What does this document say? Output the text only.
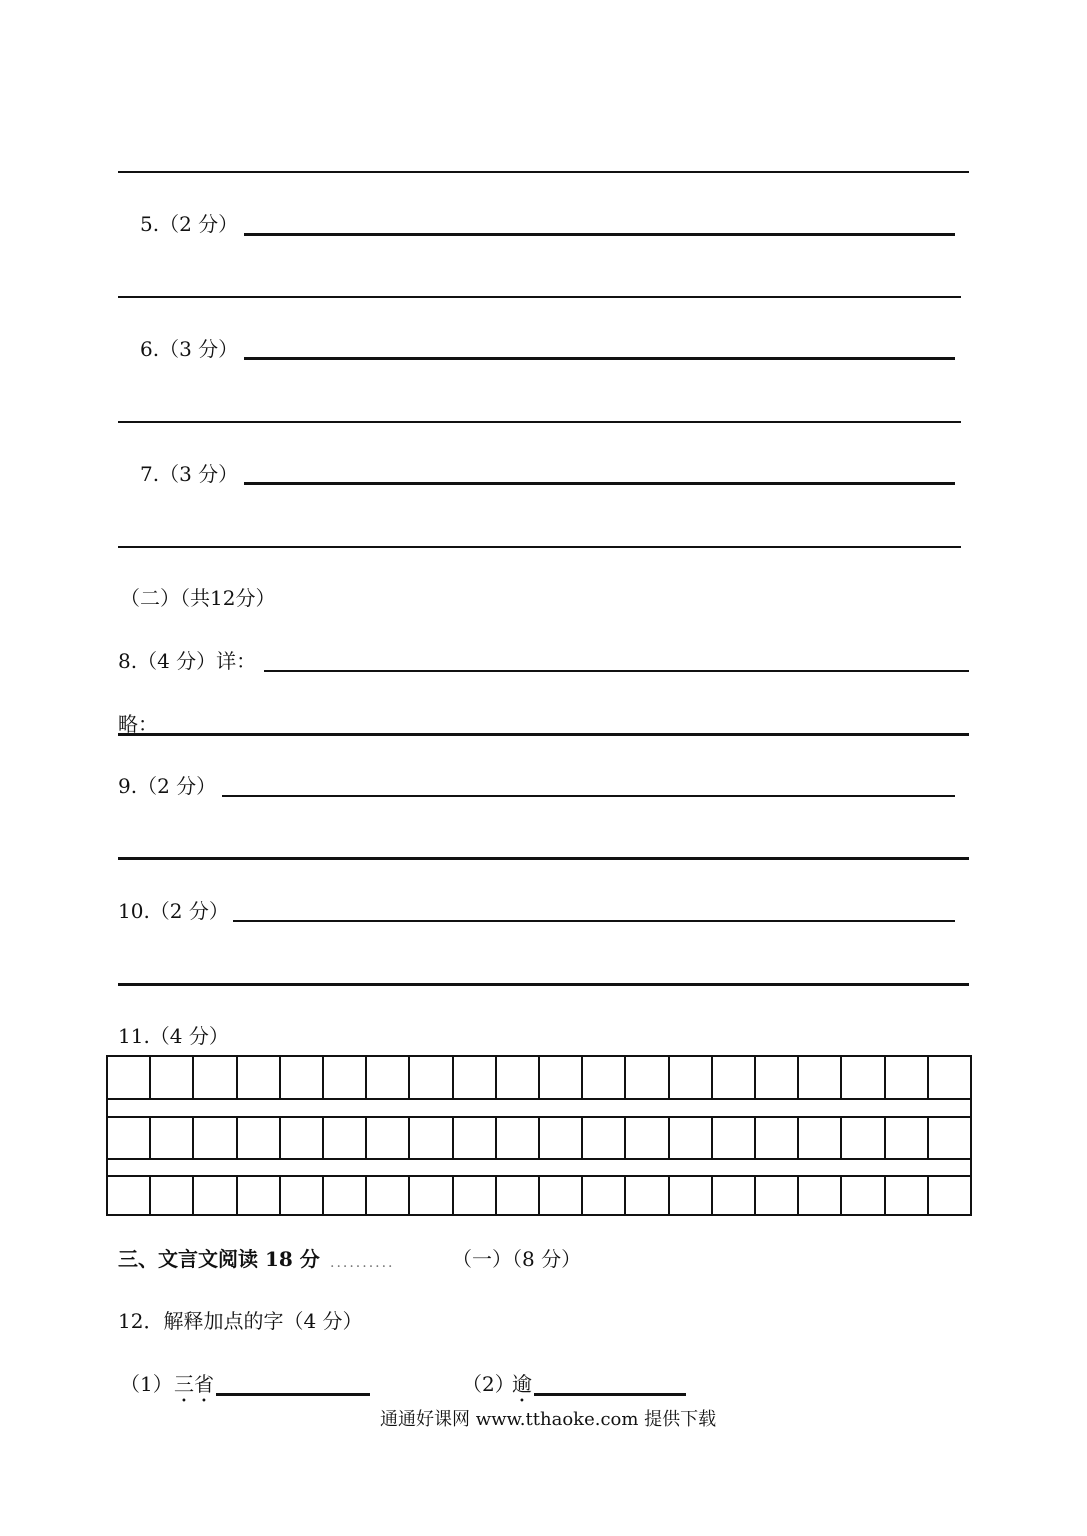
5.（2 分）
6.（3 分）
7.（3 分）
（二）（共12分）
8.（4 分）详：
略：
9.（2 分）
10.（2 分）
11.（4 分）
三、文言文阅读 18 分 ..........	（一）（8 分）
12．解释加点的字（4 分）
（1） 三省	（2）
逾
通通好课网 www.tthaoke.com 提供下载
